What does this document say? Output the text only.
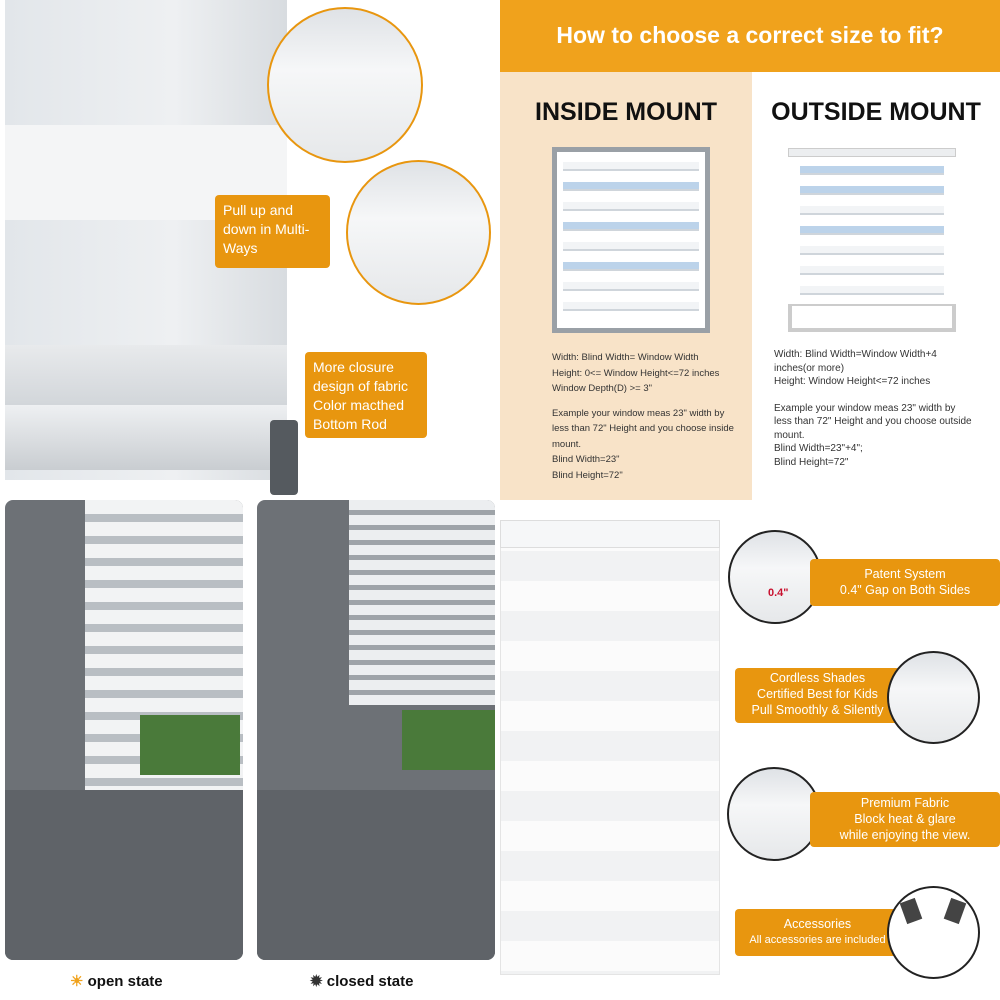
Pull up and down in Multi-Ways
More closure design of fabric Color macthed Bottom Rod
How to choose a correct size to fit?
INSIDE MOUNT
Width: Blind Width= Window Width
Height: 0<= Window Height<=72 inches
Window Depth(D) >= 3"
Example your window meas 23" width by less than 72" Height and you choose inside mount.
Blind Width=23"
Blind Height=72"
OUTSIDE MOUNT
Width: Blind Width=Window Width+4 inches(or more)
Height: Window Height<=72 inches
Example your window meas 23" width by less than 72" Height and you choose outside mount.
Blind Width=23"+4";
Blind Height=72"
☀ open state	✹ closed state
0.4"
Patent System
0.4" Gap on Both Sides
Cordless Shades
Certified Best for Kids
Pull Smoothly & Silently
Premium Fabric
Block heat & glare
while enjoying the view.
Accessories
All accessories are included
